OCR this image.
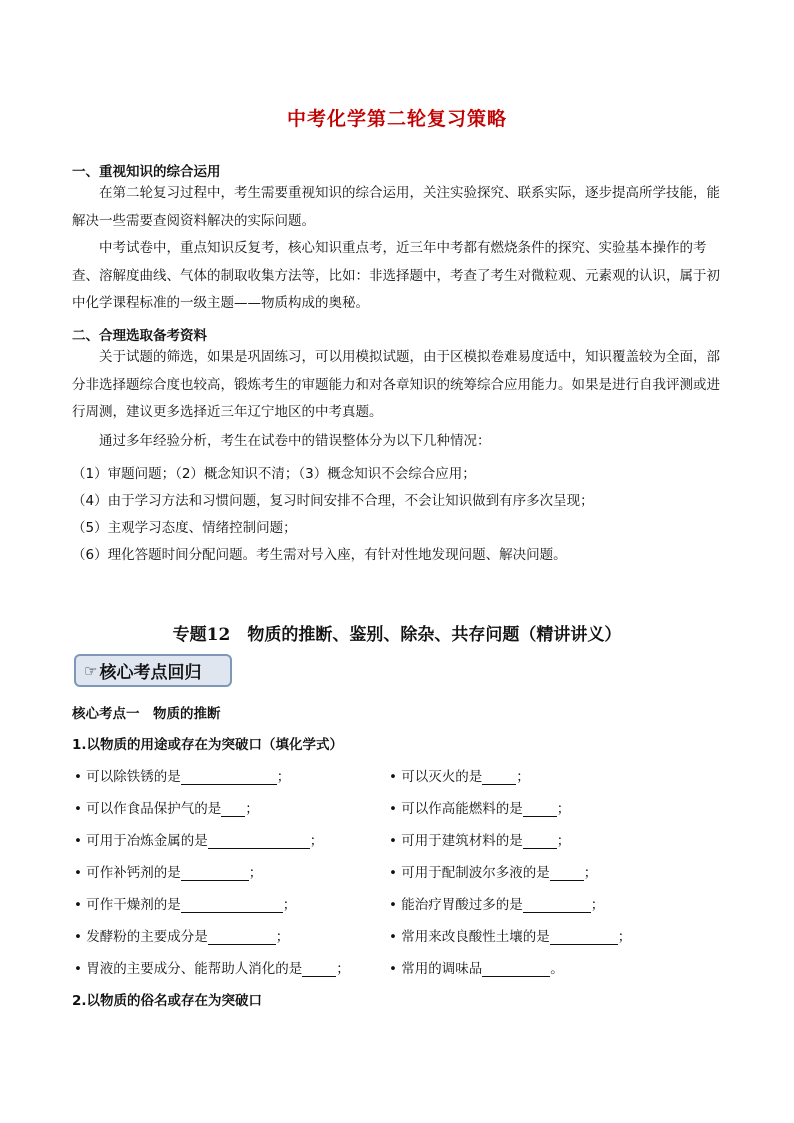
中考化学第二轮复习策略
一、重视知识的综合运用
在第二轮复习过程中，考生需要重视知识的综合运用，关注实验探究、联系实际，逐步提高所学技能，能解决一些需要查阅资料解决的实际问题。
中考试卷中，重点知识反复考，核心知识重点考，近三年中考都有燃烧条件的探究、实验基本操作的考查、溶解度曲线、气体的制取收集方法等，比如：非选择题中，考查了考生对微粒观、元素观的认识，属于初中化学课程标准的一级主题——物质构成的奥秘。
二、合理选取备考资料
关于试题的筛选，如果是巩固练习，可以用模拟试题，由于区模拟卷难易度适中，知识覆盖较为全面，部分非选择题综合度也较高，锻炼考生的审题能力和对各章知识的统筹综合应用能力。如果是进行自我评测或进行周测，建议更多选择近三年辽宁地区的中考真题。
通过多年经验分析，考生在试卷中的错误整体分为以下几种情况：
（1）审题问题；（2）概念知识不清；（3）概念知识不会综合应用；
（4）由于学习方法和习惯问题，复习时间安排不合理，不会让知识做到有序多次呈现；
（5）主观学习态度、情绪控制问题；
（6）理化答题时间分配问题。考生需对号入座，有针对性地发现问题、解决问题。
专题12　物质的推断、鉴别、除杂、共存问题（精讲讲义）
☞ 核心考点回归
核心考点一　物质的推断
1.以物质的用途或存在为突破口（填化学式）
• 可以除铁锈的是	；
• 可以作食品保护气的是 ；
• 可用于冶炼金属的是	；
• 可作补钙剂的是	；
• 可作干燥剂的是	；
• 发酵粉的主要成分是	；
• 胃液的主要成分、能帮助人消化的是	；
• 可以灭火的是	；
• 可以作高能燃料的是	；
• 可用于建筑材料的是	；
• 可用于配制波尔多液的是	；
• 能治疗胃酸过多的是	；
• 常用来改良酸性土壤的是	；
• 常用的调味品	。
2.以物质的俗名或存在为突破口
